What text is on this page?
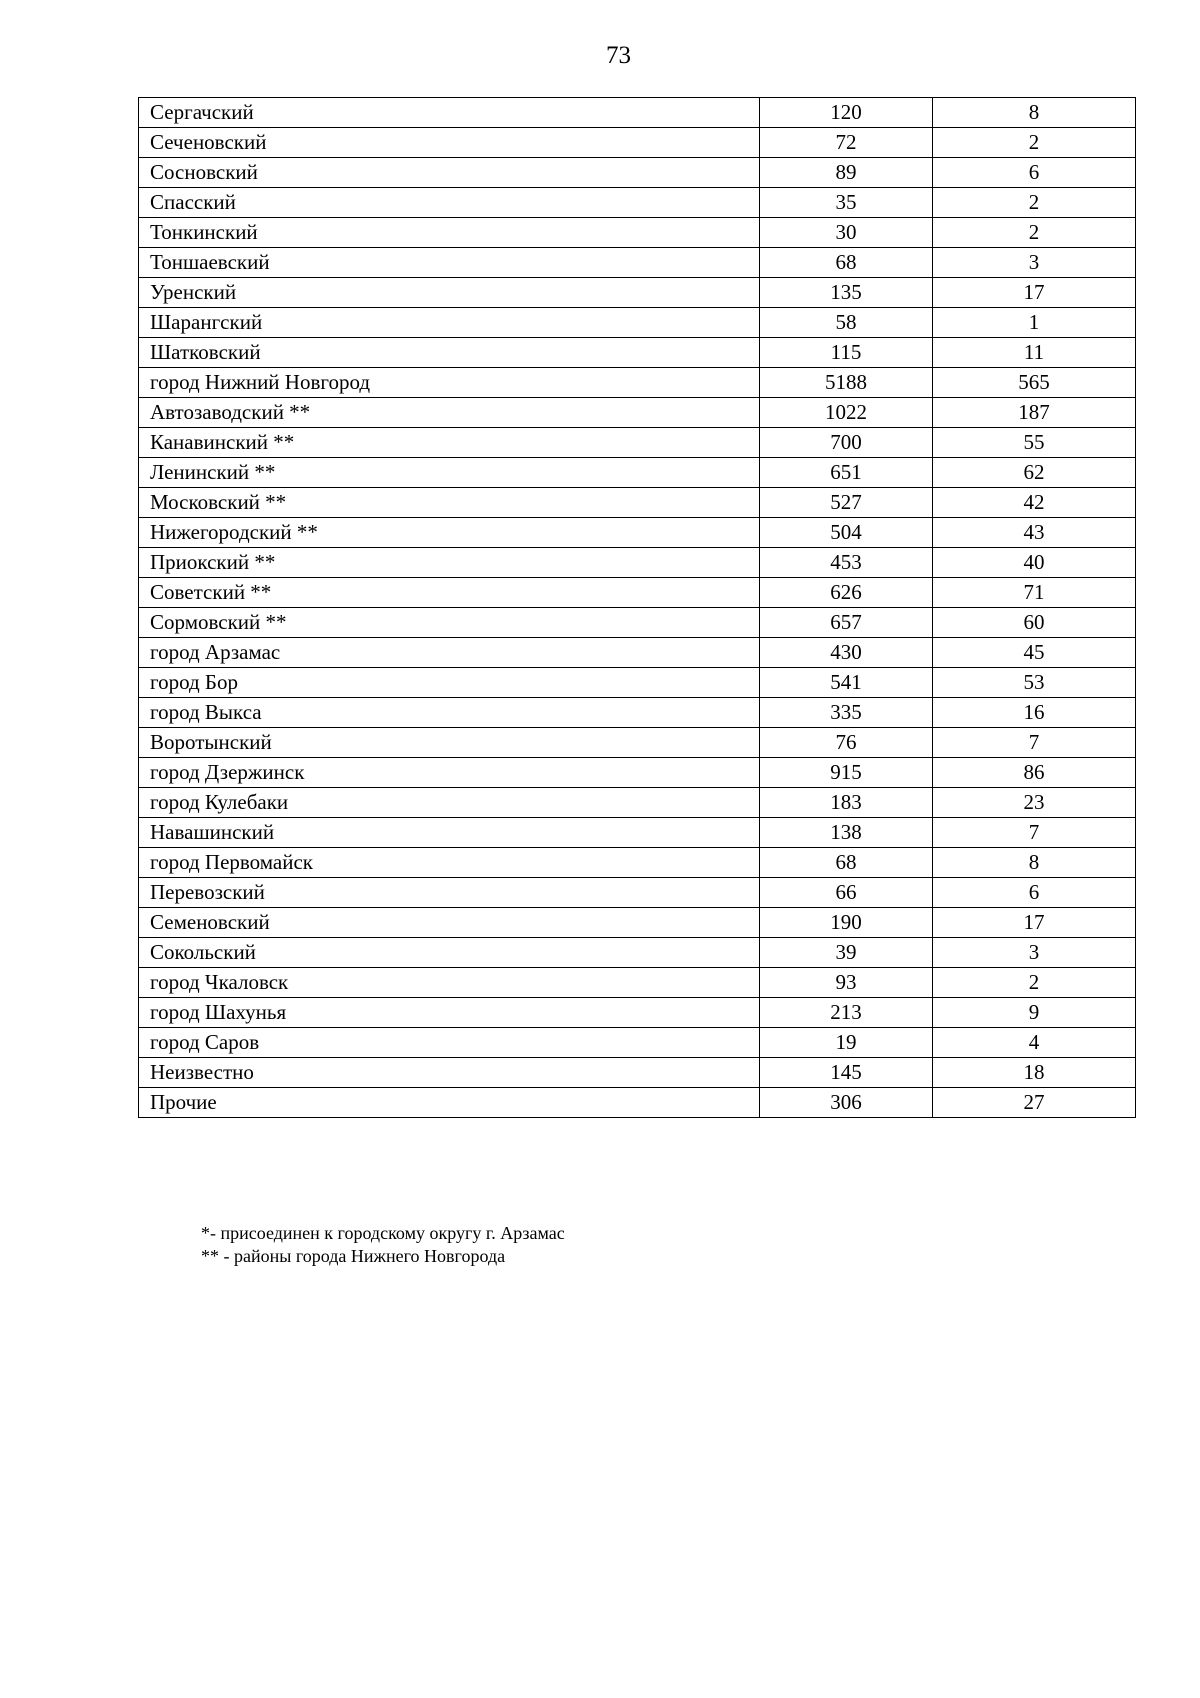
73
Сергачский	120	8
Сеченовский	72	2
Сосновский	89	6
Спасский	35	2
Тонкинский	30	2
Тоншаевский	68	3
Уренский	135	17
Шарангский	58	1
Шатковский	115	11
город Нижний Новгород	5188	565
Автозаводский **	1022	187
Канавинский **	700	55
Ленинский **	651	62
Московский **	527	42
Нижегородский **	504	43
Приокский **	453	40
Советский **	626	71
Сормовский **	657	60
город Арзамас	430	45
город Бор	541	53
город Выкса	335	16
Воротынский	76	7
город Дзержинск	915	86
город Кулебаки	183	23
Навашинский	138	7
город Первомайск	68	8
Перевозский	66	6
Семеновский	190	17
Сокольский	39	3
город Чкаловск	93	2
город Шахунья	213	9
город Саров	19	4
Неизвестно	145	18
Прочие	306	27
*- присоединен к городскому округу г. Арзамас
** - районы города Нижнего Новгорода
